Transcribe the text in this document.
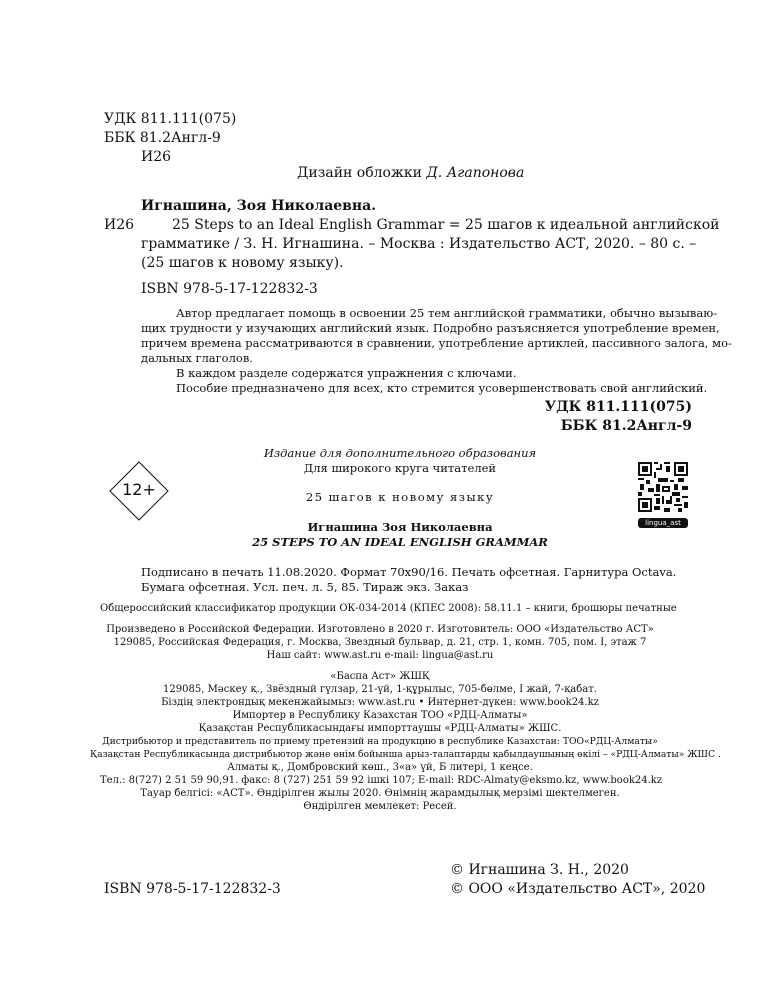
УДК 811.111(075)
ББК 81.2Англ-9
И26
Дизайн обложки Д. Агапонова
Игнашина, Зоя Николаевна.
И26	25 Steps to an Ideal English Grammar = 25 шагов к идеальной английской
грамматике / З. Н. Игнашина. – Москва : Издательство АСТ, 2020. – 80 с. –
(25 шагов к новому языку).
ISBN 978-5-17-122832-3
Автор предлагает помощь в освоении 25 тем английской грамматики, обычно вызываю-
щих трудности у изучающих английский язык. Подробно разъясняется употребление времен,
причем времена рассматриваются в сравнении, употребление артиклей, пассивного залога, мо-
дальных глаголов.
В каждом разделе содержатся упражнения с ключами.
Пособие предназначено для всех, кто стремится усовершенствовать свой английский.
УДК 811.111(075)
ББК 81.2Англ-9
Издание для дополнительного образования
Для широкого круга читателей
12+	25 шагов к новому языку
lingua_ast
Игнашина Зоя Николаевна
25 STEPS TO AN IDEAL ENGLISH GRAMMAR
Подписано в печать 11.08.2020. Формат 70х90/16. Печать офсетная. Гарнитура Octava.
Бумага офсетная. Усл. печ. л. 5, 85. Тираж экз. Заказ
Общероссийский классификатор продукции ОК-034-2014 (КПЕС 2008): 58.11.1 – книги, брошюры печатные
Произведено в Российской Федерации. Изготовлено в 2020 г. Изготовитель: ООО «Издательство АСТ»
129085, Российская Федерация, г. Москва, Звездный бульвар, д. 21, стр. 1, комн. 705, пом. I, этаж 7
Наш сайт: www.ast.ru e-mail: lingua@ast.ru
«Баспа Аст» ЖШҚ
129085, Мәскеу қ., Звёздный гүлзар, 21-үй, 1-құрылыс, 705-бөлме, I жай, 7-қабат.
Біздің электрондық мекенжайымыз: www.ast.ru • Интернет-дүкен: www.book24.kz
Импортер в Республику Казахстан ТОО «РДЦ-Алматы»
Қазақстан Республикасындағы импорттаушы «РДЦ-Алматы» ЖШС.
Дистрибьютор и представитель по приему претензий на продукцию в республике Казахстан: ТОО«РДЦ-Алматы»
Қазақстан Республикасында дистрибьютор және өнім бойынша арыз-талаптарды қабылдаушының өкілі – «РДЦ-Алматы» ЖШС .
Алматы қ., Домбровский көш., 3«а» үй, Б литері, 1 кеңсе.
Тел.: 8(727) 2 51 59 90,91. факс: 8 (727) 251 59 92 ішкі 107; E-mail: RDC-Almaty@eksmo.kz, www.book24.kz
Тауар белгісі: «АСТ». Өндірілген жылы 2020. Өнімнің жарамдылық мерзімі шектелмеген.
Өндірілген мемлекет: Ресей.
© Игнашина З. Н., 2020
ISBN 978-5-17-122832-3	© ООО «Издательство АСТ», 2020
